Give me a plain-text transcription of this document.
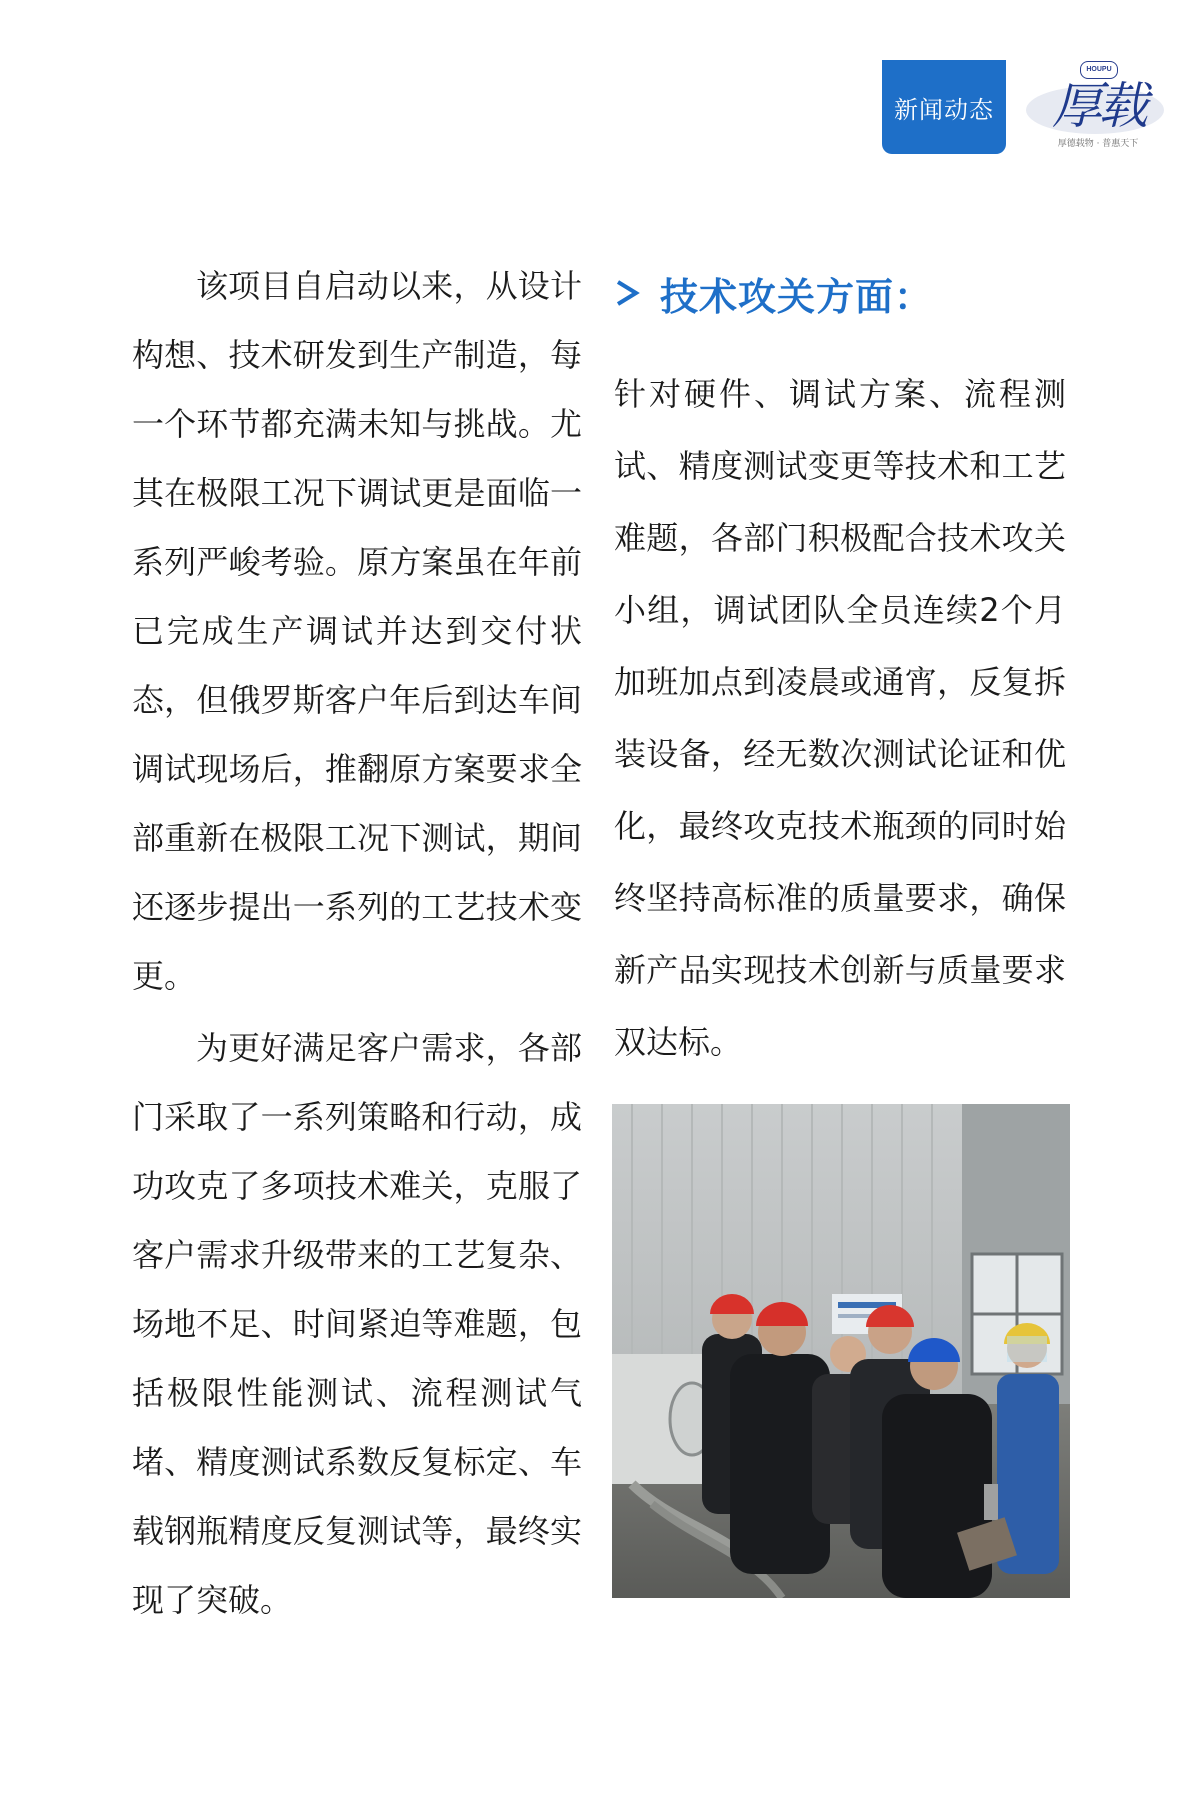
新闻动态
HOUPU
厚载
厚德载物 · 普惠天下

该项目自启动以来，从设计构想、技术研发到生产制造，每一个环节都充满未知与挑战。尤其在极限工况下调试更是面临一系列严峻考验。原方案虽在年前已完成生产调试并达到交付状态，但俄罗斯客户年后到达车间调试现场后，推翻原方案要求全部重新在极限工况下测试，期间还逐步提出一系列的工艺技术变更。

为更好满足客户需求，各部门采取了一系列策略和行动，成功攻克了多项技术难关，克服了客户需求升级带来的工艺复杂、场地不足、时间紧迫等难题，包括极限性能测试、流程测试气堵、精度测试系数反复标定、车载钢瓶精度反复测试等，最终实现了突破。

技术攻关方面：

针对硬件、调试方案、流程测试、精度测试变更等技术和工艺难题，各部门积极配合技术攻关小组，调试团队全员连续2个月加班加点到凌晨或通宵，反复拆装设备，经无数次测试论证和优化，最终攻克技术瓶颈的同时始终坚持高标准的质量要求，确保新产品实现技术创新与质量要求双达标。
